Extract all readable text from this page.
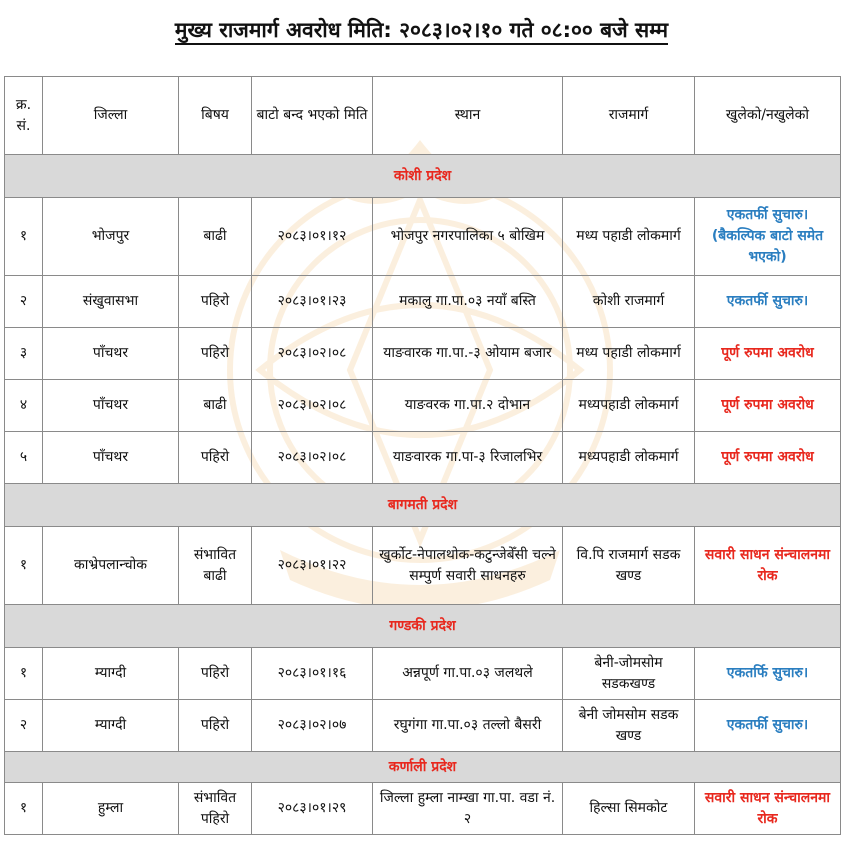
मुख्य राजमार्ग अवरोध मिति: २०८३।०२।१० गते ०८:०० बजे सम्म
क्र. सं.	जिल्ला	बिषय	बाटो बन्द भएको मिति	स्थान	राजमार्ग	खुलेको/नखुलेको
कोशी प्रदेश						
१	भोजपुर	बाढी	२०८३।०१।१२	भोजपुर नगरपालिका ५ बोखिम	मध्य पहाडी लोकमार्ग	एकतर्फी सुचारु। (बैकल्पिक बाटो समेत भएको)
२	संखुवासभा	पहिरो	२०८३।०१।२३	मकालु गा.पा.०३ नयाँ बस्ति	कोशी राजमार्ग	एकतर्फी सुचारु।
३	पाँचथर	पहिरो	२०८३।०२।०८	याङवारक गा.पा.-३ ओयाम बजार	मध्य पहाडी लोकमार्ग	पूर्ण रुपमा अवरोध
४	पाँचथर	बाढी	२०८३।०२।०८	याङवरक गा.पा.२ दोभान	मध्यपहाडी लोकमार्ग	पूर्ण रुपमा अवरोध
५	पाँचथर	पहिरो	२०८३।०२।०८	याङवारक गा.पा-३ रिजालभिर	मध्यपहाडी लोकमार्ग	पूर्ण रुपमा अवरोध
बागमती प्रदेश						
१	काभ्रेपलान्चोक	संभावित बाढी	२०८३।०१।२२	खुर्कोट-नेपालथोक-कटुन्जेबेँसी चल्ने सम्पुर्ण सवारी साधनहरु	वि.पि राजमार्ग सडक खण्ड	सवारी साधन संन्चालनमा रोक
गण्डकी प्रदेश						
१	म्याग्दी	पहिरो	२०८३।०१।१६	अन्नपूर्ण गा.पा.०३ जलथले	बेनी-जोमसोम सडकखण्ड	एकतर्फि सुचारु।
२	म्याग्दी	पहिरो	२०८३।०२।०७	रघुगंगा गा.पा.०३ तल्लो बैसरी	बेनी जोमसोम सडक खण्ड	एकतर्फी सुचारु।
कर्णाली प्रदेश						
१	हुम्ला	संभावित पहिरो	२०८३।०१।२९	जिल्ला हुम्ला नाम्खा गा.पा. वडा नं. २	हिल्सा सिमकोट	सवारी साधन संन्चालनमा रोक
